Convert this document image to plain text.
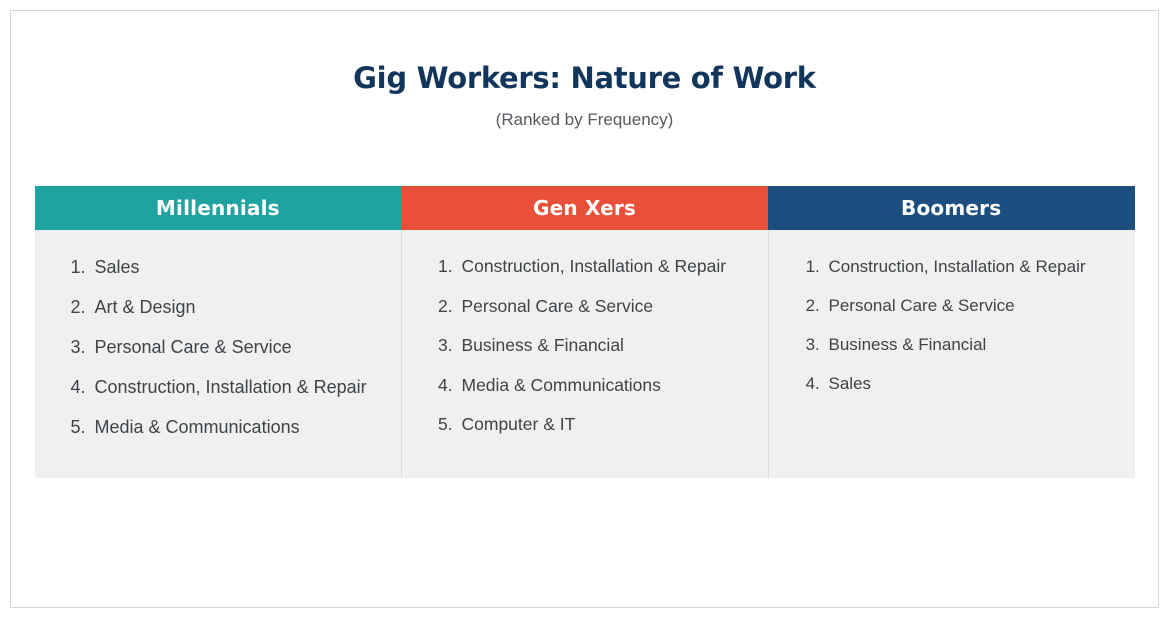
Gig Workers: Nature of Work
(Ranked by Frequency)
Millennials	Gen Xers	Boomers
1. Sales
2. Art & Design
3. Personal Care & Service
4. Construction, Installation & Repair
5. Media & Communications
1. Construction, Installation & Repair
2. Personal Care & Service
3. Business & Financial
4. Media & Communications
5. Computer & IT
1. Construction, Installation & Repair
2. Personal Care & Service
3. Business & Financial
4. Sales
